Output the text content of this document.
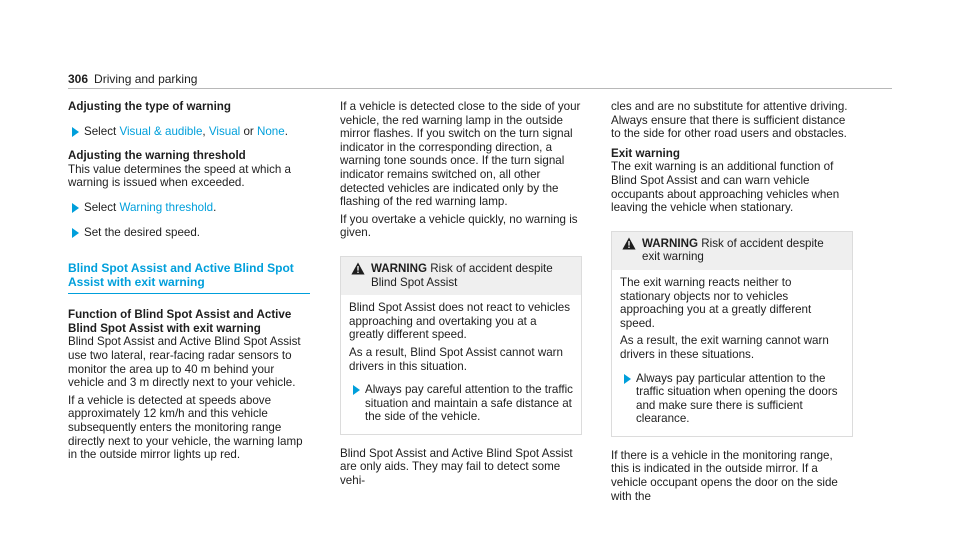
306 Driving and parking

Adjusting the type of warning

Select Visual & audible, Visual or None.

Adjusting the warning threshold

This value determines the speed at which a warning is issued when exceeded.

Select Warning threshold.
Set the desired speed.
Blind Spot Assist and Active Blind Spot
Assist with exit warning

Function of Blind Spot Assist and Active
Blind Spot Assist with exit warning

Blind Spot Assist and Active Blind Spot Assist use two lateral, rear-facing radar sensors to monitor the area up to 40 m behind your vehicle and 3 m directly next to your vehicle.

If a vehicle is detected at speeds above approximately 12 km/h and this vehicle subsequently enters the monitoring range directly next to your vehicle, the warning lamp in the outside mirror lights up red.

If a vehicle is detected close to the side of your vehicle, the red warning lamp in the outside mirror flashes. If you switch on the turn signal indicator in the corresponding direction, a warning tone sounds once. If the turn signal indicator remains switched on, all other detected vehicles are indicated only by the flashing of the red warning lamp.

If you overtake a vehicle quickly, no warning is given.

WARNING Risk of accident despite Blind Spot Assist

Blind Spot Assist does not react to vehicles approaching and overtaking you at a greatly different speed.

As a result, Blind Spot Assist cannot warn drivers in this situation.

Always pay careful attention to the traffic situation and maintain a safe distance at the side of the vehicle.

Blind Spot Assist and Active Blind Spot Assist are only aids. They may fail to detect some vehi-

cles and are no substitute for attentive driving. Always ensure that there is sufficient distance to the side for other road users and obstacles.

Exit warning

The exit warning is an additional function of Blind Spot Assist and can warn vehicle occupants about approaching vehicles when leaving the vehicle when stationary.

WARNING Risk of accident despite exit warning

The exit warning reacts neither to stationary objects nor to vehicles approaching you at a greatly different speed.

As a result, the exit warning cannot warn drivers in these situations.

Always pay particular attention to the traffic situation when opening the doors and make sure there is sufficient clearance.

If there is a vehicle in the monitoring range, this is indicated in the outside mirror. If a vehicle occupant opens the door on the side with the
